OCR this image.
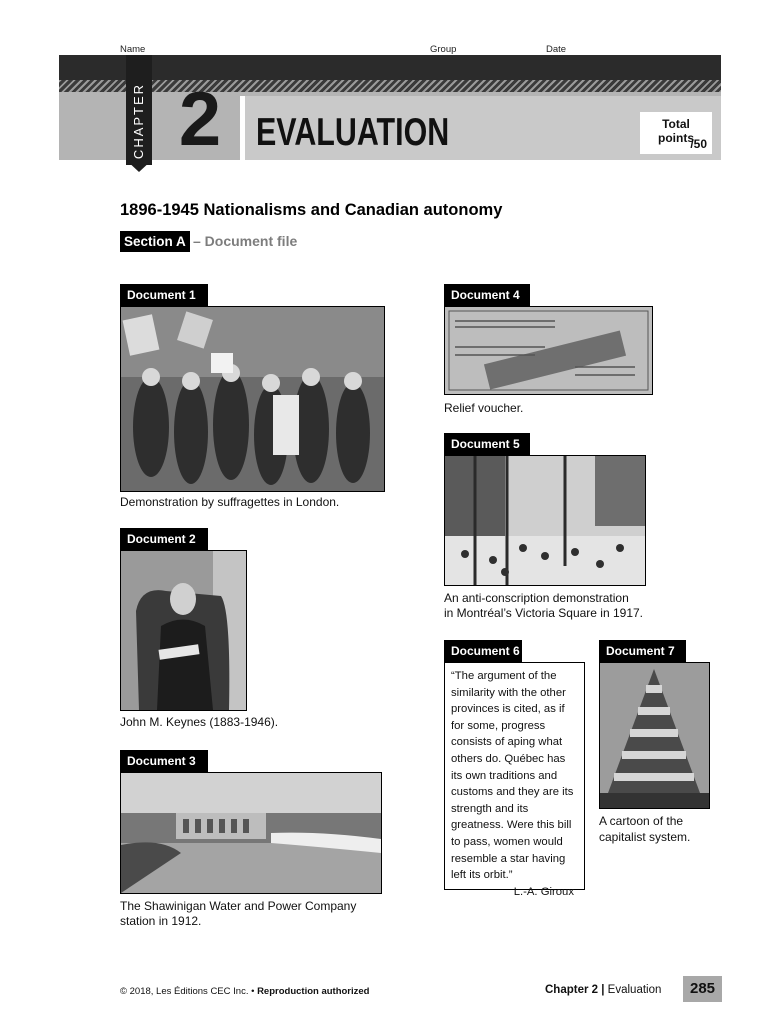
Name	Group	Date
CHAPTER 2 EVALUATION	Total points
/50
1896-1945 Nationalisms and Canadian autonomy
Section A – Document file
Document 1
Demonstration by suffragettes in London.
Document 2
John M. Keynes (1883-1946).
Document 3
The Shawinigan Water and Power Company
station in 1912.
Document 4
Relief voucher.
Document 5
An anti-conscription demonstration
in Montréal’s Victoria Square in 1917.
Document 6
“The argument of the similarity with the other provinces is cited, as if for some, progress consists of aping what others do. Québec has its own traditions and customs and they are its strength and its greatness. Were this bill to pass, women would resemble a star having left its orbit.”
L.-A. Giroux
Document 7
A cartoon of the
capitalist system.
© 2018, Les Éditions CEC Inc. • Reproduction authorized	Chapter 2 | Evaluation	285
